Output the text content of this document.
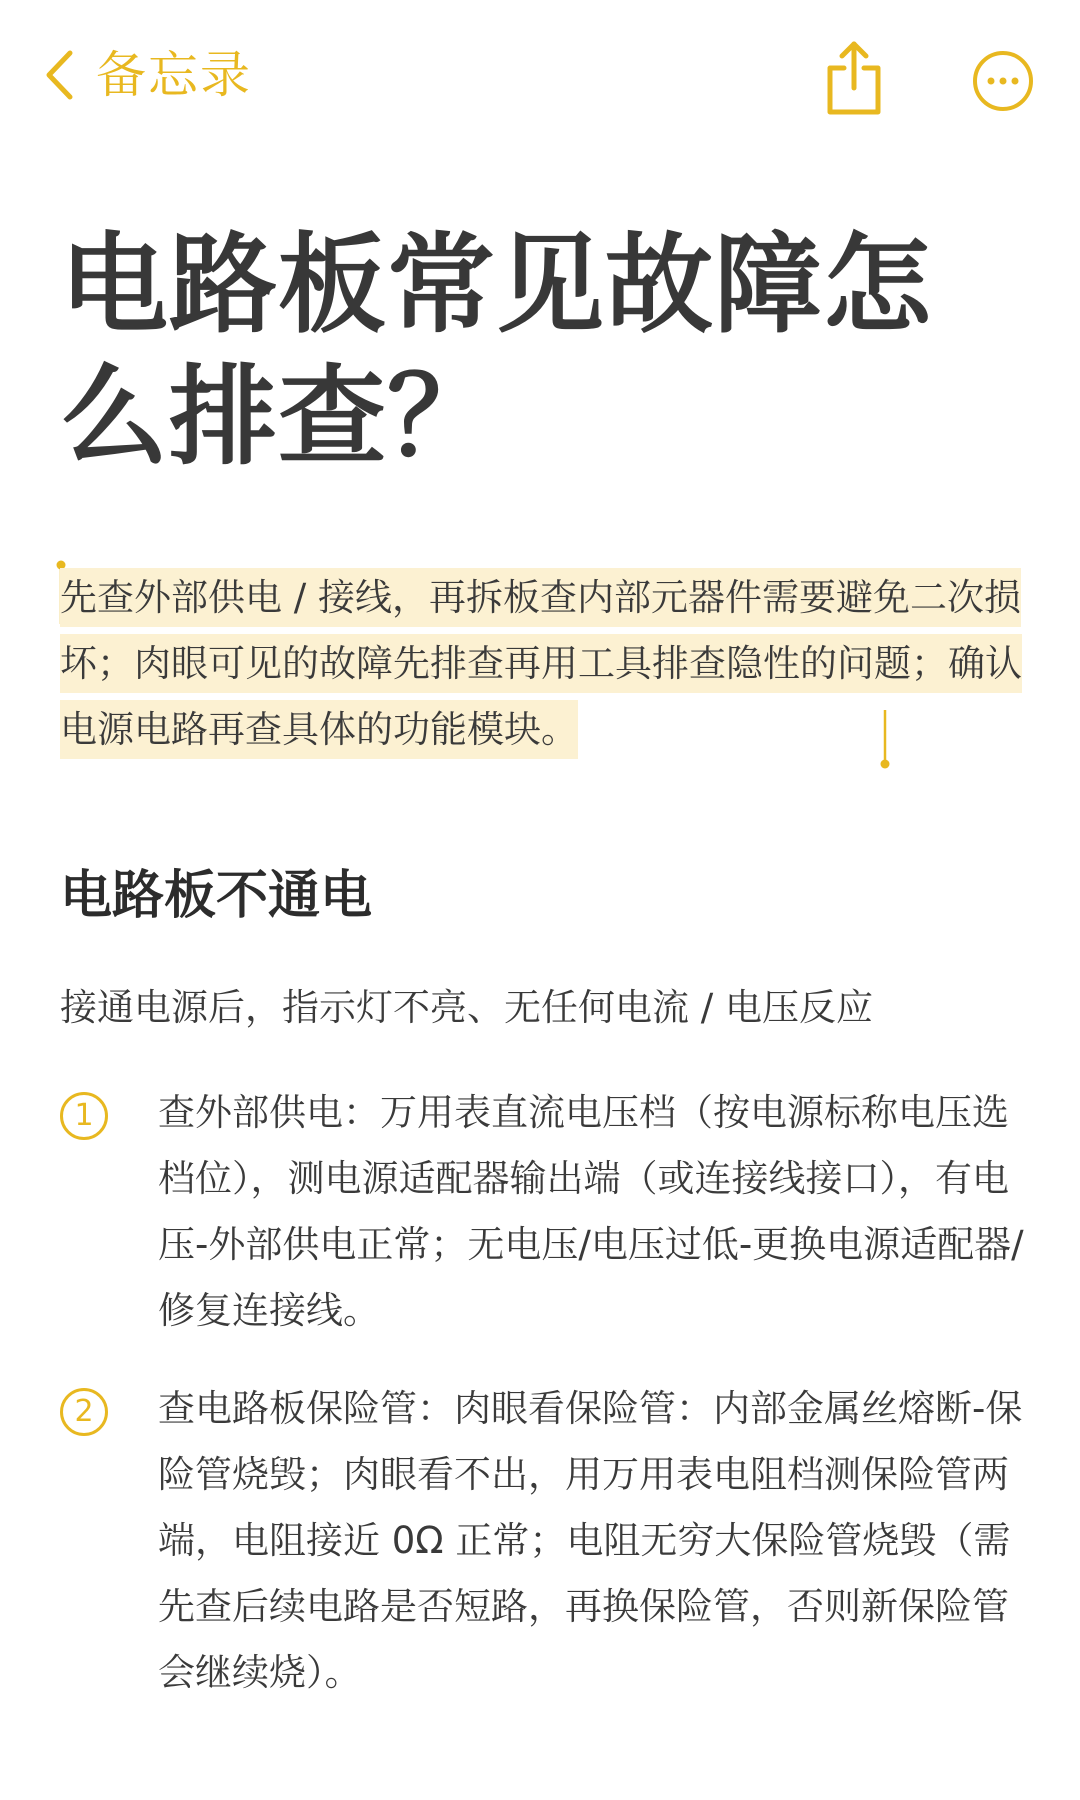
备忘录
电路板常见故障怎么排查？

先查外部供电 / 接线，再拆板查内部元器件需要避免二次损坏；肉眼可见的故障先排查再用工具排查隐性的问题；确认电源电路再查具体的功能模块。

电路板不通电

接通电源后，指示灯不亮、无任何电流 / 电压反应

1	查外部供电：万用表直流电压档（按电源标称电压选档位），测电源适配器输出端（或连接线接口），有电压-外部供电正常；无电压/电压过低-更换电源适配器/修复连接线。

2	查电路板保险管：肉眼看保险管：内部金属丝熔断-保险管烧毁；肉眼看不出，用万用表电阻档测保险管两端，电阻接近 0Ω 正常；电阻无穷大保险管烧毁（需先查后续电路是否短路，再换保险管，否则新保险管会继续烧）。
